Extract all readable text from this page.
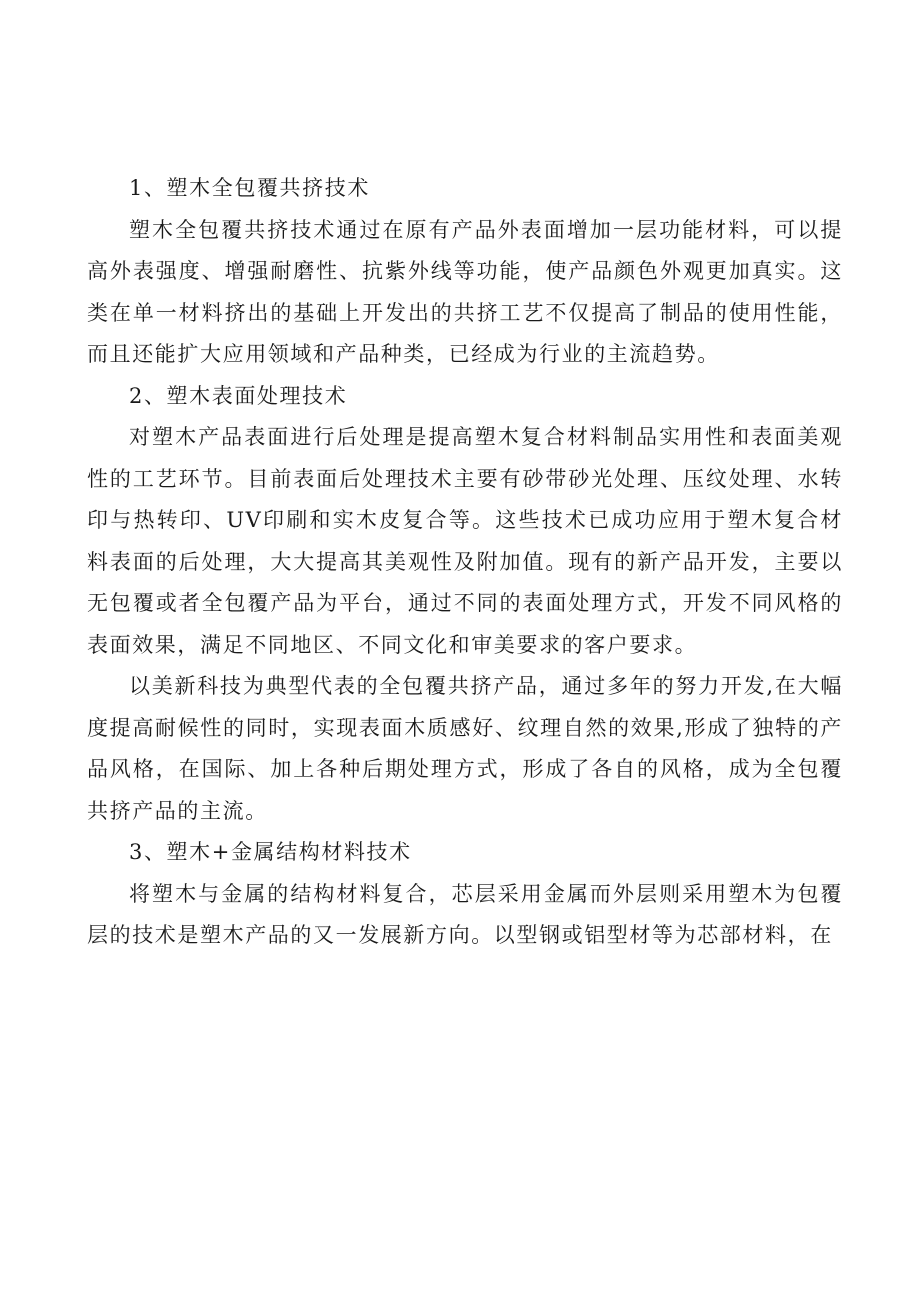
1、塑木全包覆共挤技术

塑木全包覆共挤技术通过在原有产品外表面增加一层功能材料，可以提高外表强度、增强耐磨性、抗紫外线等功能，使产品颜色外观更加真实。这类在单一材料挤出的基础上开发出的共挤工艺不仅提高了制品的使用性能，而且还能扩大应用领域和产品种类，已经成为行业的主流趋势。

2、塑木表面处理技术

对塑木产品表面进行后处理是提高塑木复合材料制品实用性和表面美观性的工艺环节。目前表面后处理技术主要有砂带砂光处理、压纹处理、水转印与热转印、UV印刷和实木皮复合等。这些技术已成功应用于塑木复合材料表面的后处理，大大提高其美观性及附加值。现有的新产品开发，主要以无包覆或者全包覆产品为平台，通过不同的表面处理方式，开发不同风格的表面效果，满足不同地区、不同文化和审美要求的客户要求。

以美新科技为典型代表的全包覆共挤产品，通过多年的努力开发,在大幅度提高耐候性的同时，实现表面木质感好、纹理自然的效果,形成了独特的产品风格，在国际、加上各种后期处理方式，形成了各自的风格，成为全包覆共挤产品的主流。

3、塑木+金属结构材料技术

将塑木与金属的结构材料复合，芯层采用金属而外层则采用塑木为包覆层的技术是塑木产品的又一发展新方向。以型钢或铝型材等为芯部材料，在
